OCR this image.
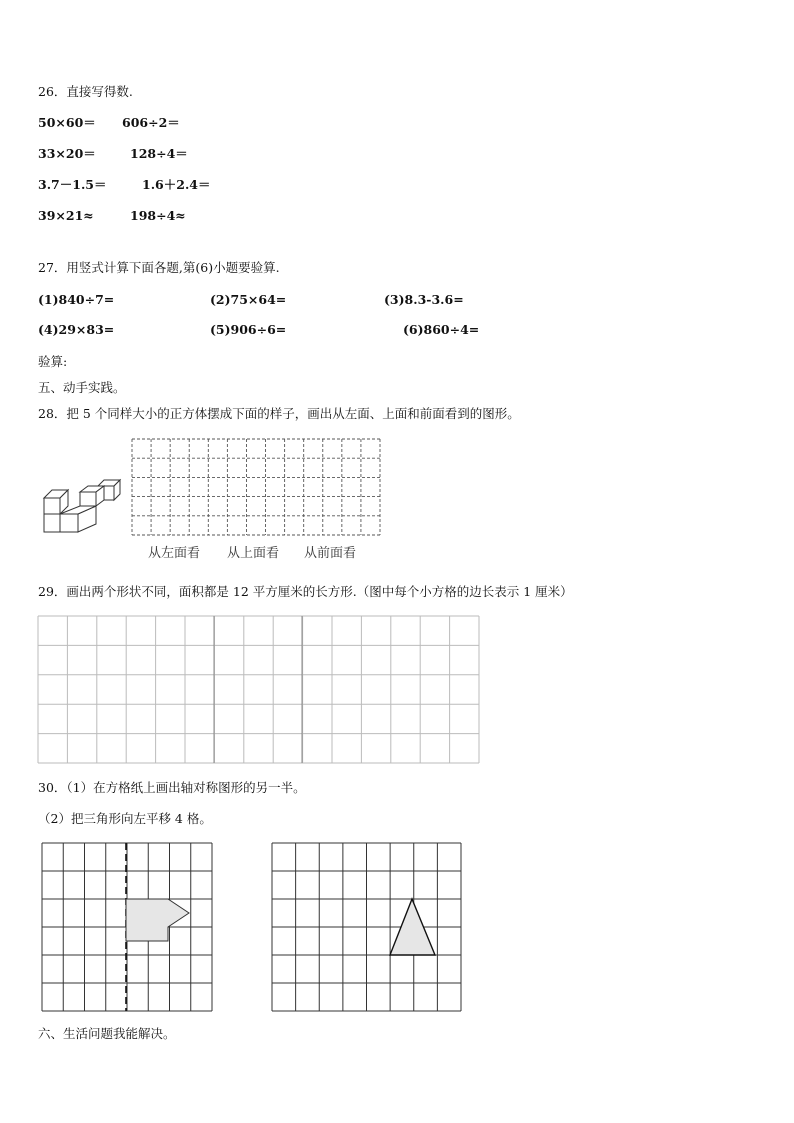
26．直接写得数.
50×60＝ 606÷2＝
33×20＝	128÷4＝
3.7－1.5＝	1.6＋2.4＝
39×21≈	198÷4≈
27．用竖式计算下面各题,第(6)小题要验算.
(1)840÷7=	(2)75×64=	(3)8.3-3.6=
(4)29×83=	(5)906÷6=	(6)860÷4=
验算:
五、动手实践。
28．把 5 个同样大小的正方体摆成下面的样子，画出从左面、上面和前面看到的图形。
从左面看 从上面看 从前面看
29．画出两个形状不同，面积都是 12 平方厘米的长方形.（图中每个小方格的边长表示 1 厘米）
30．（1）在方格纸上画出轴对称图形的另一半。
（2）把三角形向左平移 4 格。
六、生活问题我能解决。
